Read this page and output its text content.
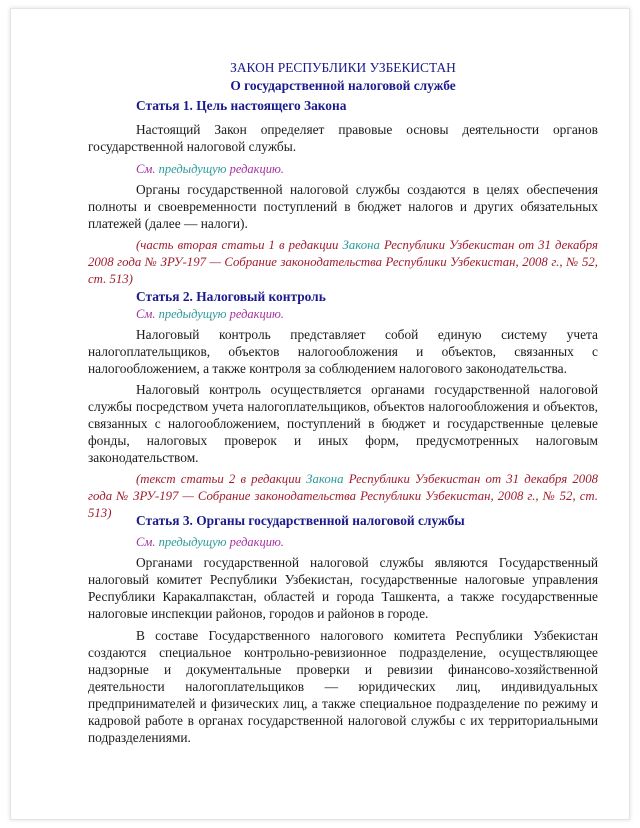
ЗАКОН РЕСПУБЛИКИ УЗБЕКИСТАН
О государственной налоговой службе
Статья 1. Цель настоящего Закона
Настоящий Закон определяет правовые основы деятельности органов государственной налоговой службы.
См. предыдущую редакцию.
Органы государственной налоговой службы создаются в целях обеспечения полноты и своевременности поступлений в бюджет налогов и других обязательных платежей (далее — налоги).
(часть вторая статьи 1 в редакции Закона Республики Узбекистан от 31 декабря 2008 года № ЗРУ-197 — Собрание законодательства Республики Узбекистан, 2008 г., № 52, ст. 513)
Статья 2. Налоговый контроль
См. предыдущую редакцию.
Налоговый контроль представляет собой единую систему учета налогоплательщиков, объектов налогообложения и объектов, связанных с налогообложением, а также контроля за соблюдением налогового законодательства.
Налоговый контроль осуществляется органами государственной налоговой службы посредством учета налогоплательщиков, объектов налогообложения и объектов, связанных с налогообложением, поступлений в бюджет и государственные целевые фонды, налоговых проверок и иных форм, предусмотренных налоговым законодательством.
(текст статьи 2 в редакции Закона Республики Узбекистан от 31 декабря 2008 года № ЗРУ-197 — Собрание законодательства Республики Узбекистан, 2008 г., № 52, ст. 513)	Статья 3. Органы государственной налоговой службы
См. предыдущую редакцию.
Органами государственной налоговой службы являются Государственный налоговый комитет Республики Узбекистан, государственные налоговые управления Республики Каракалпакстан, областей и города Ташкента, а также государственные налоговые инспекции районов, городов и районов в городе.
В составе Государственного налогового комитета Республики Узбекистан создаются специальное контрольно-ревизионное подразделение, осуществляющее надзорные и документальные проверки и ревизии финансово-хозяйственной деятельности налогоплательщиков — юридических лиц, индивидуальных предпринимателей и физических лиц, а также специальное подразделение по режиму и кадровой работе в органах государственной налоговой службы с их территориальными подразделениями.
